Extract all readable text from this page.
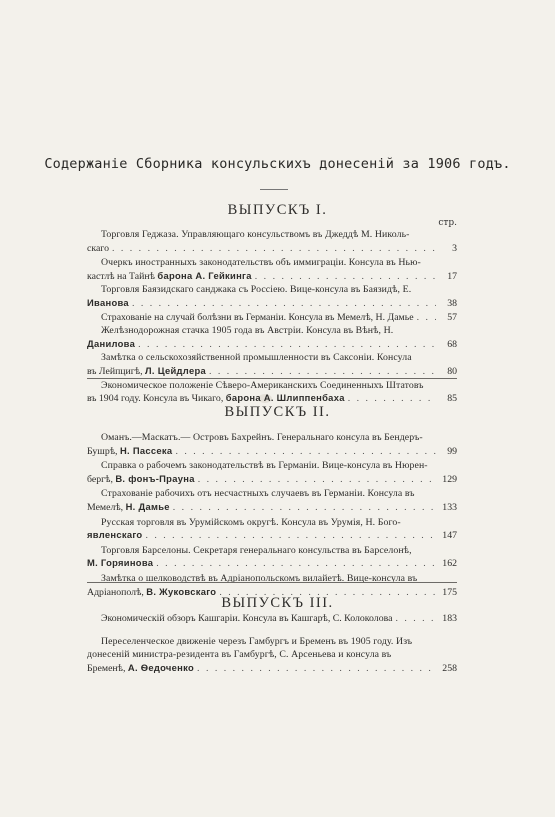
Содержаніе Сборника консульскихъ донесеній за 1906 годъ.
ВЫПУСКЪ I.
стр.
Торговля Геджаза. Управляющаго консульствомъ въ Джеддѣ М. Николь-
скаго . . .	3
Очеркъ иностранныхъ законодательствъ объ иммиграціи. Консула въ Нью-
кастлѣ на Тайнѣ барона А. Гейкинга . . .	17
Торговля Баязидскаго санджака съ Россіею. Вице-консула въ Баязидѣ, Е.
Иванова . . .	38
Страхованіе на случай болѣзни въ Германіи. Консула въ Мемелѣ, Н. Дамье . . .	57
Желѣзнодорожная стачка 1905 года въ Австріи. Консула въ Вѣнѣ, Н.
Данилова . . .	68
Замѣтка о сельскохозяйственной промышленности въ Саксоніи. Консула
въ Лейпцигѣ, Л. Цейдлера . . .	80
Экономическое положеніе Сѣверо-Американскихъ Соединенныхъ Штатовъ
въ 1904 году. Консула въ Чикаго, барона А. Шлиппенбаха . . .	85
ВЫПУСКЪ II.
Оманъ.—Маскатъ.— Островъ Бахрейнъ. Генеральнаго консула въ Бендеръ-
Бушрѣ, Н. Пассека . . .	99
Справка о рабочемъ законодательствѣ въ Германіи. Вице-консула въ Нюрен-
бергѣ, В. фонъ-Прауна . . .	129
Страхованіе рабочихъ отъ несчастныхъ случаевъ въ Германіи. Консула въ
Мемелѣ, Н. Дамье . . .	133
Русская торговля въ Урумійскомъ округѣ. Консула въ Урумія, Н. Бого-
явленскаго . . .	147
Торговля Барселоны. Секретаря генеральнаго консульства въ Барселонѣ,
М. Горяинова . . .	162
Замѣтка о шелководствѣ въ Адріанопольскомъ вилайетѣ. Вице-консула въ
Адріанополѣ, В. Жуковскаго . . .	175
ВЫПУСКЪ III.
Экономическій обзоръ Кашгаріи. Консула въ Кашгарѣ, С. Колоколова . . .	183
Переселенческое движеніе черезъ Гамбургъ и Бременъ въ 1905 году. Изъ
донесеній министра-резидента въ Гамбургѣ, С. Арсеньева и консула въ
Бременѣ, А. Ѳедоченко . . .	258
